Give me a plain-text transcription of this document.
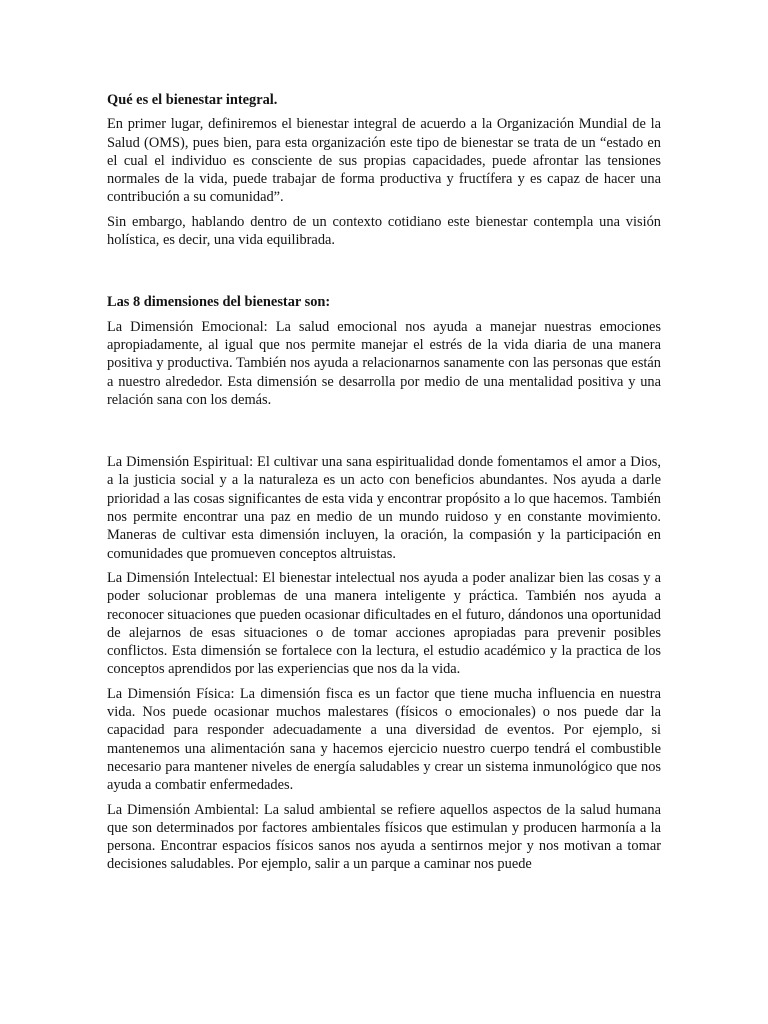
Qué es el bienestar integral.

En primer lugar, definiremos el bienestar integral de acuerdo a la Organización Mundial de la Salud (OMS), pues bien, para esta organización este tipo de bienestar se trata de un “estado en el cual el individuo es consciente de sus propias capacidades, puede afrontar las tensiones normales de la vida, puede trabajar de forma productiva y fructífera y es capaz de hacer una contribución a su comunidad”.

Sin embargo, hablando dentro de un contexto cotidiano este bienestar contempla una visión holística, es decir, una vida equilibrada.

Las 8 dimensiones del bienestar son:

La Dimensión Emocional: La salud emocional nos ayuda a manejar nuestras emociones apropiadamente, al igual que nos permite manejar el estrés de la vida diaria de una manera positiva y productiva. También nos ayuda a relacionarnos sanamente con las personas que están a nuestro alrededor. Esta dimensión se desarrolla por medio de una mentalidad positiva y una relación sana con los demás.

La Dimensión Espiritual: El cultivar una sana espiritualidad donde fomentamos el amor a Dios, a la justicia social y a la naturaleza es un acto con beneficios abundantes. Nos ayuda a darle prioridad a las cosas significantes de esta vida y encontrar propósito a lo que hacemos. También nos permite encontrar una paz en medio de un mundo ruidoso y en constante movimiento. Maneras de cultivar esta dimensión incluyen, la oración, la compasión y la participación en comunidades que promueven conceptos altruistas.

La Dimensión Intelectual: El bienestar intelectual nos ayuda a poder analizar bien las cosas y a poder solucionar problemas de una manera inteligente y práctica. También nos ayuda a reconocer situaciones que pueden ocasionar dificultades en el futuro, dándonos una oportunidad de alejarnos de esas situaciones o de tomar acciones apropiadas para prevenir posibles conflictos. Esta dimensión se fortalece con la lectura, el estudio académico y la practica de los conceptos aprendidos por las experiencias que nos da la vida.

La Dimensión Física: La dimensión fisca es un factor que tiene mucha influencia en nuestra vida. Nos puede ocasionar muchos malestares (físicos o emocionales) o nos puede dar la capacidad para responder adecuadamente a una diversidad de eventos. Por ejemplo, si mantenemos una alimentación sana y hacemos ejercicio nuestro cuerpo tendrá el combustible necesario para mantener niveles de energía saludables y crear un sistema inmunológico que nos ayuda a combatir enfermedades.

La Dimensión Ambiental: La salud ambiental se refiere aquellos aspectos de la salud humana que son determinados por factores ambientales físicos que estimulan y producen harmonía a la persona. Encontrar espacios físicos sanos nos ayuda a sentirnos mejor y nos motivan a tomar decisiones saludables. Por ejemplo, salir a un parque a caminar nos puede
